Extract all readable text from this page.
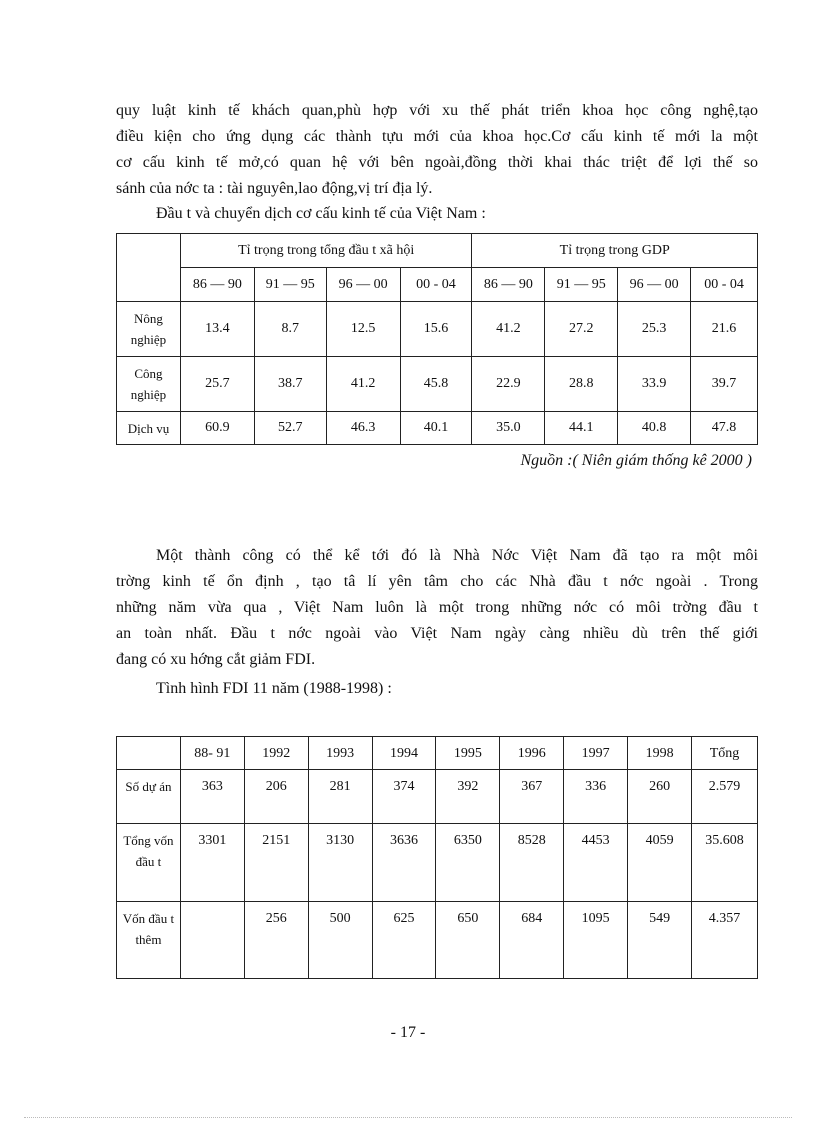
quy luật kinh tế khách quan,phù hợp với xu thế phát triển khoa học công nghệ,tạo
điều kiện cho ứng dụng các thành tựu mới của khoa học.Cơ cấu kinh tế mới la một
cơ cấu kinh tế mở,có quan hệ với bên ngoài,đồng thời khai thác triệt để lợi thế so
sánh của nớc ta : tài nguyên,lao động,vị trí địa lý.

Đầu t và chuyển dịch cơ cấu kinh tế của Việt Nam :

	Tỉ trọng trong tổng đầu t xã hội				Tỉ trọng trong GDP			
	86 — 90	91 — 95	96 — 00	00 - 04	86 — 90	91 — 95	96 — 00	00 - 04
Nông nghiệp	13.4	8.7	12.5	15.6	41.2	27.2	25.3	21.6
Công nghiệp	25.7	38.7	41.2	45.8	22.9	28.8	33.9	39.7
Dịch vụ	60.9	52.7	46.3	40.1	35.0	44.1	40.8	47.8
Nguồn :( Niên giám thống kê 2000 )

Một thành công có thể kể tới đó là Nhà Nớc Việt Nam đã tạo ra một môi
trờng kinh tế ổn định , tạo tâ lí yên tâm cho các Nhà đầu t nớc ngoài . Trong
những năm vừa qua , Việt Nam luôn là một trong những nớc có môi trờng đầu t
an toàn nhất. Đầu t nớc ngoài vào Việt Nam ngày càng nhiều dù trên thế giới
đang có xu hớng cắt giảm FDI.

Tình hình FDI 11 năm (1988-1998) :

	88- 91	1992	1993	1994	1995	1996	1997	1998	Tổng
Số dự án	363	206	281	374	392	367	336	260	2.579
Tổng vốn đầu t	3301	2151	3130	3636	6350	8528	4453	4059	35.608
Vốn đầu t thêm		256	500	625	650	684	1095	549	4.357
- 17 -
